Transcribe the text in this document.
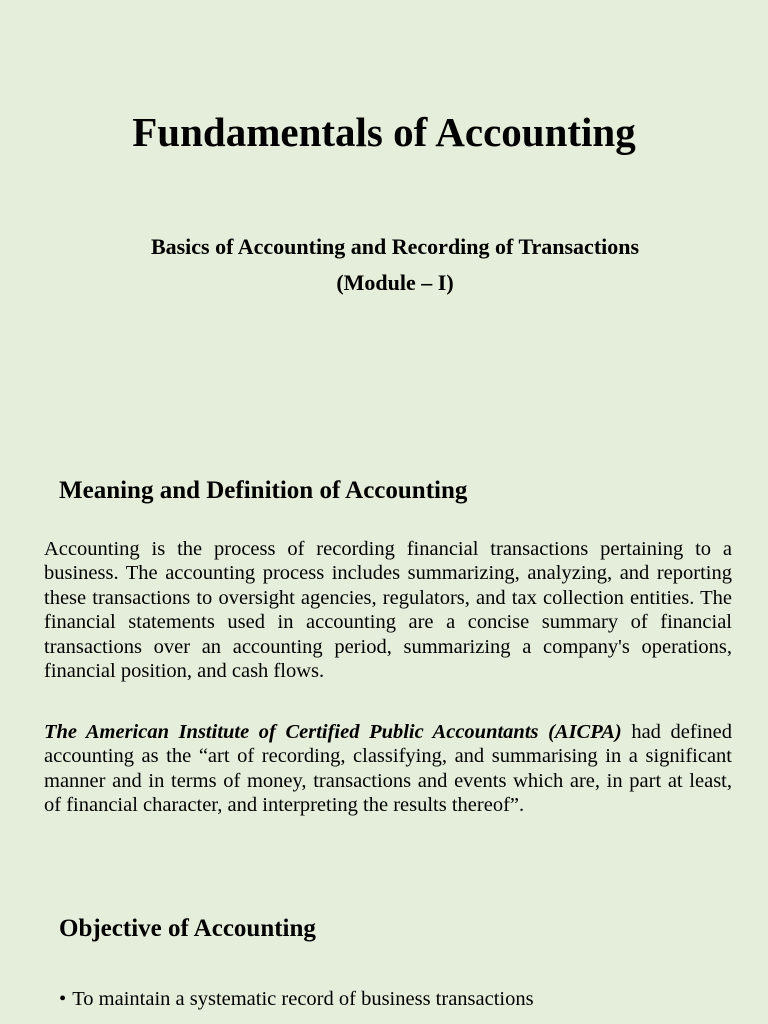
Fundamentals of Accounting
Basics of Accounting and Recording of Transactions
(Module – I)
Meaning and Definition of Accounting

Accounting is the process of recording financial transactions pertaining to a business. The accounting process includes summarizing, analyzing, and reporting these transactions to oversight agencies, regulators, and tax collection entities. The financial statements used in accounting are a concise summary of financial transactions over an accounting period, summarizing a company's operations, financial position, and cash flows.

The American Institute of Certified Public Accountants (AICPA) had defined accounting as the “art of recording, classifying, and summarising in a significant manner and in terms of money, transactions and events which are, in part at least, of financial character, and interpreting the results thereof”.

Objective of Accounting
• To maintain a systematic record of business transactions
